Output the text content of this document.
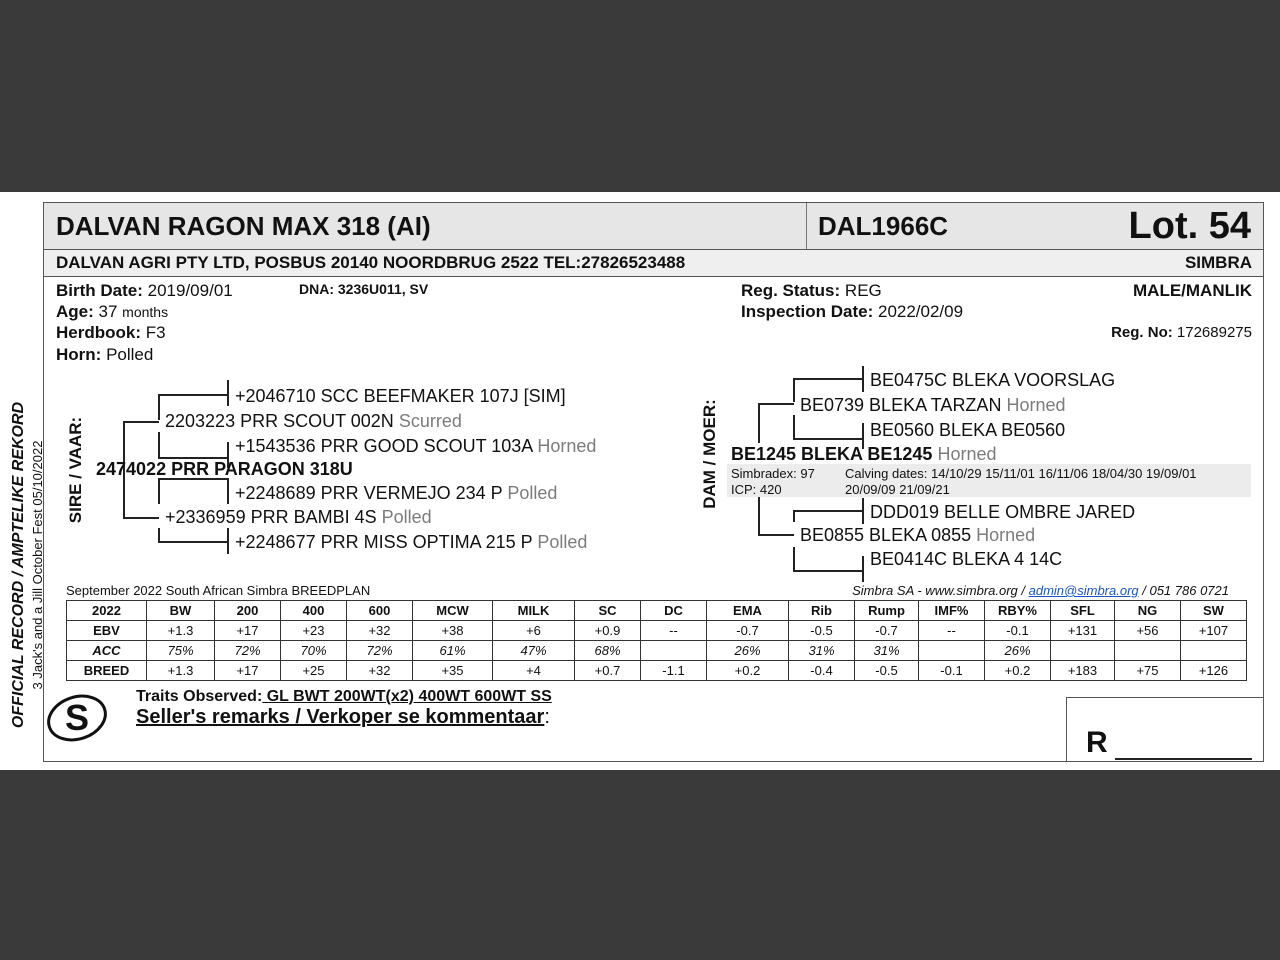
DALVAN RAGON MAX 318 (AI)	DAL1966C	Lot. 54
DALVAN AGRI PTY LTD, POSBUS 20140 NOORDBRUG 2522 TEL:27826523488	SIMBRA
Birth Date: 2019/09/01	DNA: 3236U011, SV
Age: 37 months
Herdbook: F3
Horn: Polled
Reg. Status: REG
Inspection Date: 2022/02/09
MALE/MANLIK
Reg. No: 172689275
OFFICIAL RECORD / AMPTELIKE REKORD 3 Jack's and a Jill October Fest 05/10/2022 SIRE / VAAR:
+2046710 SCC BEEFMAKER 107J [SIM]
2203223 PRR SCOUT 002N Scurred
+1543536 PRR GOOD SCOUT 103A Horned
2474022 PRR PARAGON 318U
+2248689 PRR VERMEJO 234 P Polled
+2336959 PRR BAMBI 4S Polled
+2248677 PRR MISS OPTIMA 215 P Polled
DAM / MOER:
BE0475C BLEKA VOORSLAG
BE0739 BLEKA TARZAN Horned
BE0560 BLEKA BE0560
BE1245 BLEKA BE1245 Horned
Simbradex: 97
ICP: 420
Calving dates: 14/10/29 15/11/01 16/11/06 18/04/30 19/09/01
20/09/09 21/09/21
DDD019 BELLE OMBRE JARED
BE0855 BLEKA 0855 Horned
BE0414C BLEKA 4 14C
September 2022 South African Simbra BREEDPLAN	Simbra SA - www.simbra.org / admin@simbra.org / 051 786 0721
2022	BW	200	400	600	MCW	MILK	SC	DC	EMA	Rib	Rump	IMF%	RBY%	SFL	NG	SW
EBV	+1.3	+17	+23	+32	+38	+6	+0.9	--	-0.7	-0.5	-0.7	--	-0.1	+131	+56	+107
ACC	75%	72%	70%	72%	61%	47%	68%		26%	31%	31%		26%			
BREED	+1.3	+17	+25	+32	+35	+4	+0.7	-1.1	+0.2	-0.4	-0.5	-0.1	+0.2	+183	+75	+126
S
Traits Observed: GL BWT 200WT(x2) 400WT 600WT SS
Seller's remarks / Verkoper se kommentaar:
R
